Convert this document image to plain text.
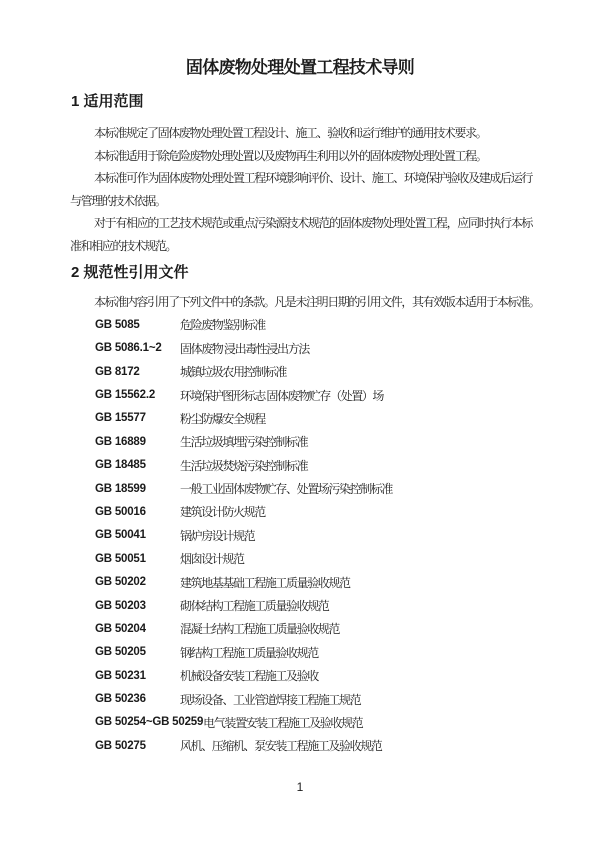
固体废物处理处置工程技术导则
1 适用范围

本标准规定了固体废物处理处置工程设计、施工、验收和运行维护的通用技术要求。

本标准适用于除危险废物处理处置以及废物再生利用以外的固体废物处理处置工程。

本标准可作为固体废物处理处置工程环境影响评价、设计、施工、环境保护验收及建成后运行与管理的技术依据。

对于有相应的工艺技术规范或重点污染源技术规范的固体废物处理处置工程，应同时执行本标准和相应的技术规范。

2 规范性引用文件

本标准内容引用了下列文件中的条款。凡是未注明日期的引用文件，其有效版本适用于本标准。

GB 5085	危险废物鉴别标准
GB 5086.1~2	固体废物 浸出毒性浸出方法
GB 8172	城镇垃圾农用控制标准
GB 15562.2	环境保护图形标志 固体废物贮存（处置）场
GB 15577	粉尘防爆安全规程
GB 16889	生活垃圾填埋污染控制标准
GB 18485	生活垃圾焚烧污染控制标准
GB 18599	一般工业固体废物贮存、处置场污染控制标准
GB 50016	建筑设计防火规范
GB 50041	锅炉房设计规范
GB 50051	烟囱设计规范
GB 50202	建筑地基基础工程施工质量验收规范
GB 50203	砌体结构工程施工质量验收规范
GB 50204	混凝土结构工程施工质量验收规范
GB 50205	钢结构工程施工质量验收规范
GB 50231	机械设备安装工程施工及验收
GB 50236	现场设备、工业管道焊接工程施工规范
GB 50254~GB 50259 电气装置安装工程施工及验收规范
GB 50275	风机、压缩机、泵安装工程施工及验收规范
1
